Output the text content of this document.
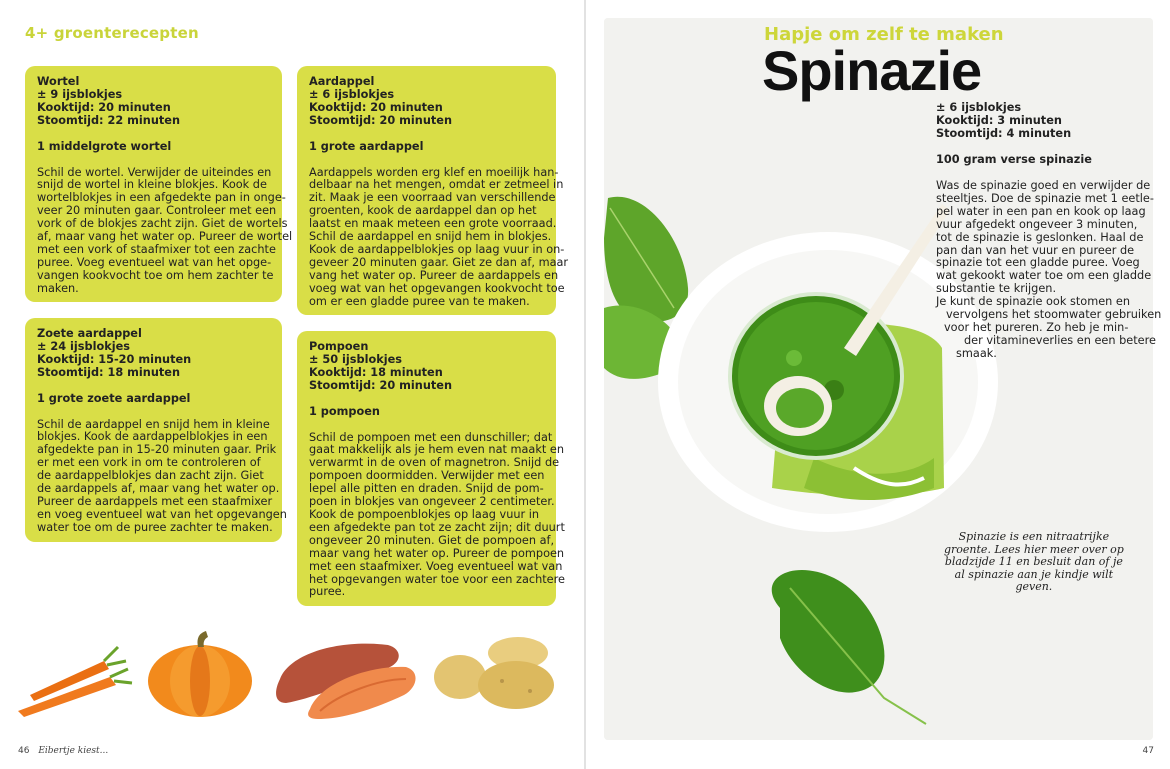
4+ groenterecepten
Wortel
± 9 ijsblokjes
Kooktijd: 20 minuten
Stoomtijd: 22 minuten
1 middelgrote wortel
Schil de wortel. Verwijder de uiteindes en
snijd de wortel in kleine blokjes. Kook de
wortelblokjes in een afgedekte pan in onge-
veer 20 minuten gaar. Controleer met een
vork of de blokjes zacht zijn. Giet de wortels
af, maar vang het water op. Pureer de wortel
met een vork of staafmixer tot een zachte
puree. Voeg eventueel wat van het opge-
vangen kookvocht toe om hem zachter te
maken.
Aardappel
± 6 ijsblokjes
Kooktijd: 20 minuten
Stoomtijd: 20 minuten
1 grote aardappel
Aardappels worden erg klef en moeilijk han-
delbaar na het mengen, omdat er zetmeel in
zit. Maak je een voorraad van verschillende
groenten, kook de aardappel dan op het
laatst en maak meteen een grote voorraad.
Schil de aardappel en snijd hem in blokjes.
Kook de aardappelblokjes op laag vuur in on-
geveer 20 minuten gaar. Giet ze dan af, maar
vang het water op. Pureer de aardappels en
voeg wat van het opgevangen kookvocht toe
om er een gladde puree van te maken.
Zoete aardappel
± 24 ijsblokjes
Kooktijd: 15-20 minuten
Stoomtijd: 18 minuten
1 grote zoete aardappel
Schil de aardappel en snijd hem in kleine
blokjes. Kook de aardappelblokjes in een
afgedekte pan in 15-20 minuten gaar. Prik
er met een vork in om te controleren of
de aardappelblokjes dan zacht zijn. Giet
de aardappels af, maar vang het water op.
Pureer de aardappels met een staafmixer
en voeg eventueel wat van het opgevangen
water toe om de puree zachter te maken.
Pompoen
± 50 ijsblokjes
Kooktijd: 18 minuten
Stoomtijd: 20 minuten
1 pompoen
Schil de pompoen met een dunschiller; dat
gaat makkelijk als je hem even nat maakt en
verwarmt in de oven of magnetron. Snijd de
pompoen doormidden. Verwijder met een
lepel alle pitten en draden. Snijd de pom-
poen in blokjes van ongeveer 2 centimeter.
Kook de pompoenblokjes op laag vuur in
een afgedekte pan tot ze zacht zijn; dit duurt
ongeveer 20 minuten. Giet de pompoen af,
maar vang het water op. Pureer de pompoen
met een staafmixer. Voeg eventueel wat van
het opgevangen water toe voor een zachtere
puree.
46 Eibertje kiest...	47
Hapje om zelf te maken
Spinazie
± 6 ijsblokjes
Kooktijd: 3 minuten
Stoomtijd: 4 minuten
100 gram verse spinazie
Was de spinazie goed en verwijder de
steeltjes. Doe de spinazie met 1 eetle-
pel water in een pan en kook op laag
vuur afgedekt ongeveer 3 minuten,
tot de spinazie is geslonken. Haal de
pan dan van het vuur en pureer de
spinazie tot een gladde puree. Voeg
wat gekookt water toe om een gladde
substantie te krijgen.
Je kunt de spinazie ook stomen en
vervolgens het stoomwater gebruiken
voor het pureren. Zo heb je min-
der vitamineverlies en een betere
smaak.
Spinazie is een nitraatrijke
groente. Lees hier meer over op
bladzijde 11 en besluit dan of je
al spinazie aan je kindje wilt
geven.
